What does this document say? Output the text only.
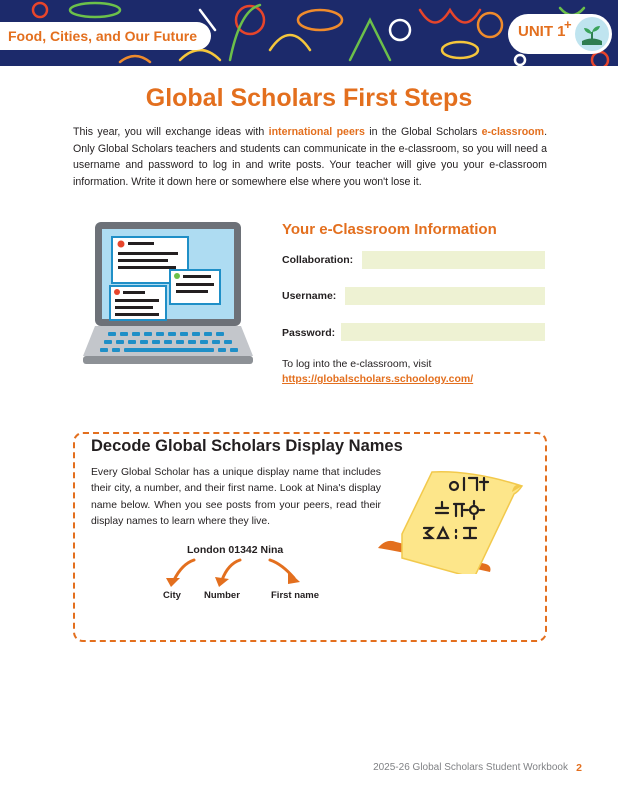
Food, Cities, and Our Future	UNIT 1
+
Global Scholars First Steps

This year, you will exchange ideas with international peers in the Global Scholars e-classroom. Only Global Scholars teachers and students can communicate in the e-classroom, so you will need a username and password to log in and write posts. Your teacher will give you your e-classroom information. Write it down here or somewhere else where you won't lose it.

Your e-Classroom Information
Collaboration:
Username:
Password:
To log into the e-classroom, visit
https://globalscholars.schoology.com/
Decode Global Scholars Display Names

Every Global Scholar has a unique display name that includes their city, a number, and their first name. Look at Nina's display name below. When you see posts from your peers, read their display names to learn where they live.

London 01342 Nina
City Number	First name
2025-26 Global Scholars Student Workbook 2
